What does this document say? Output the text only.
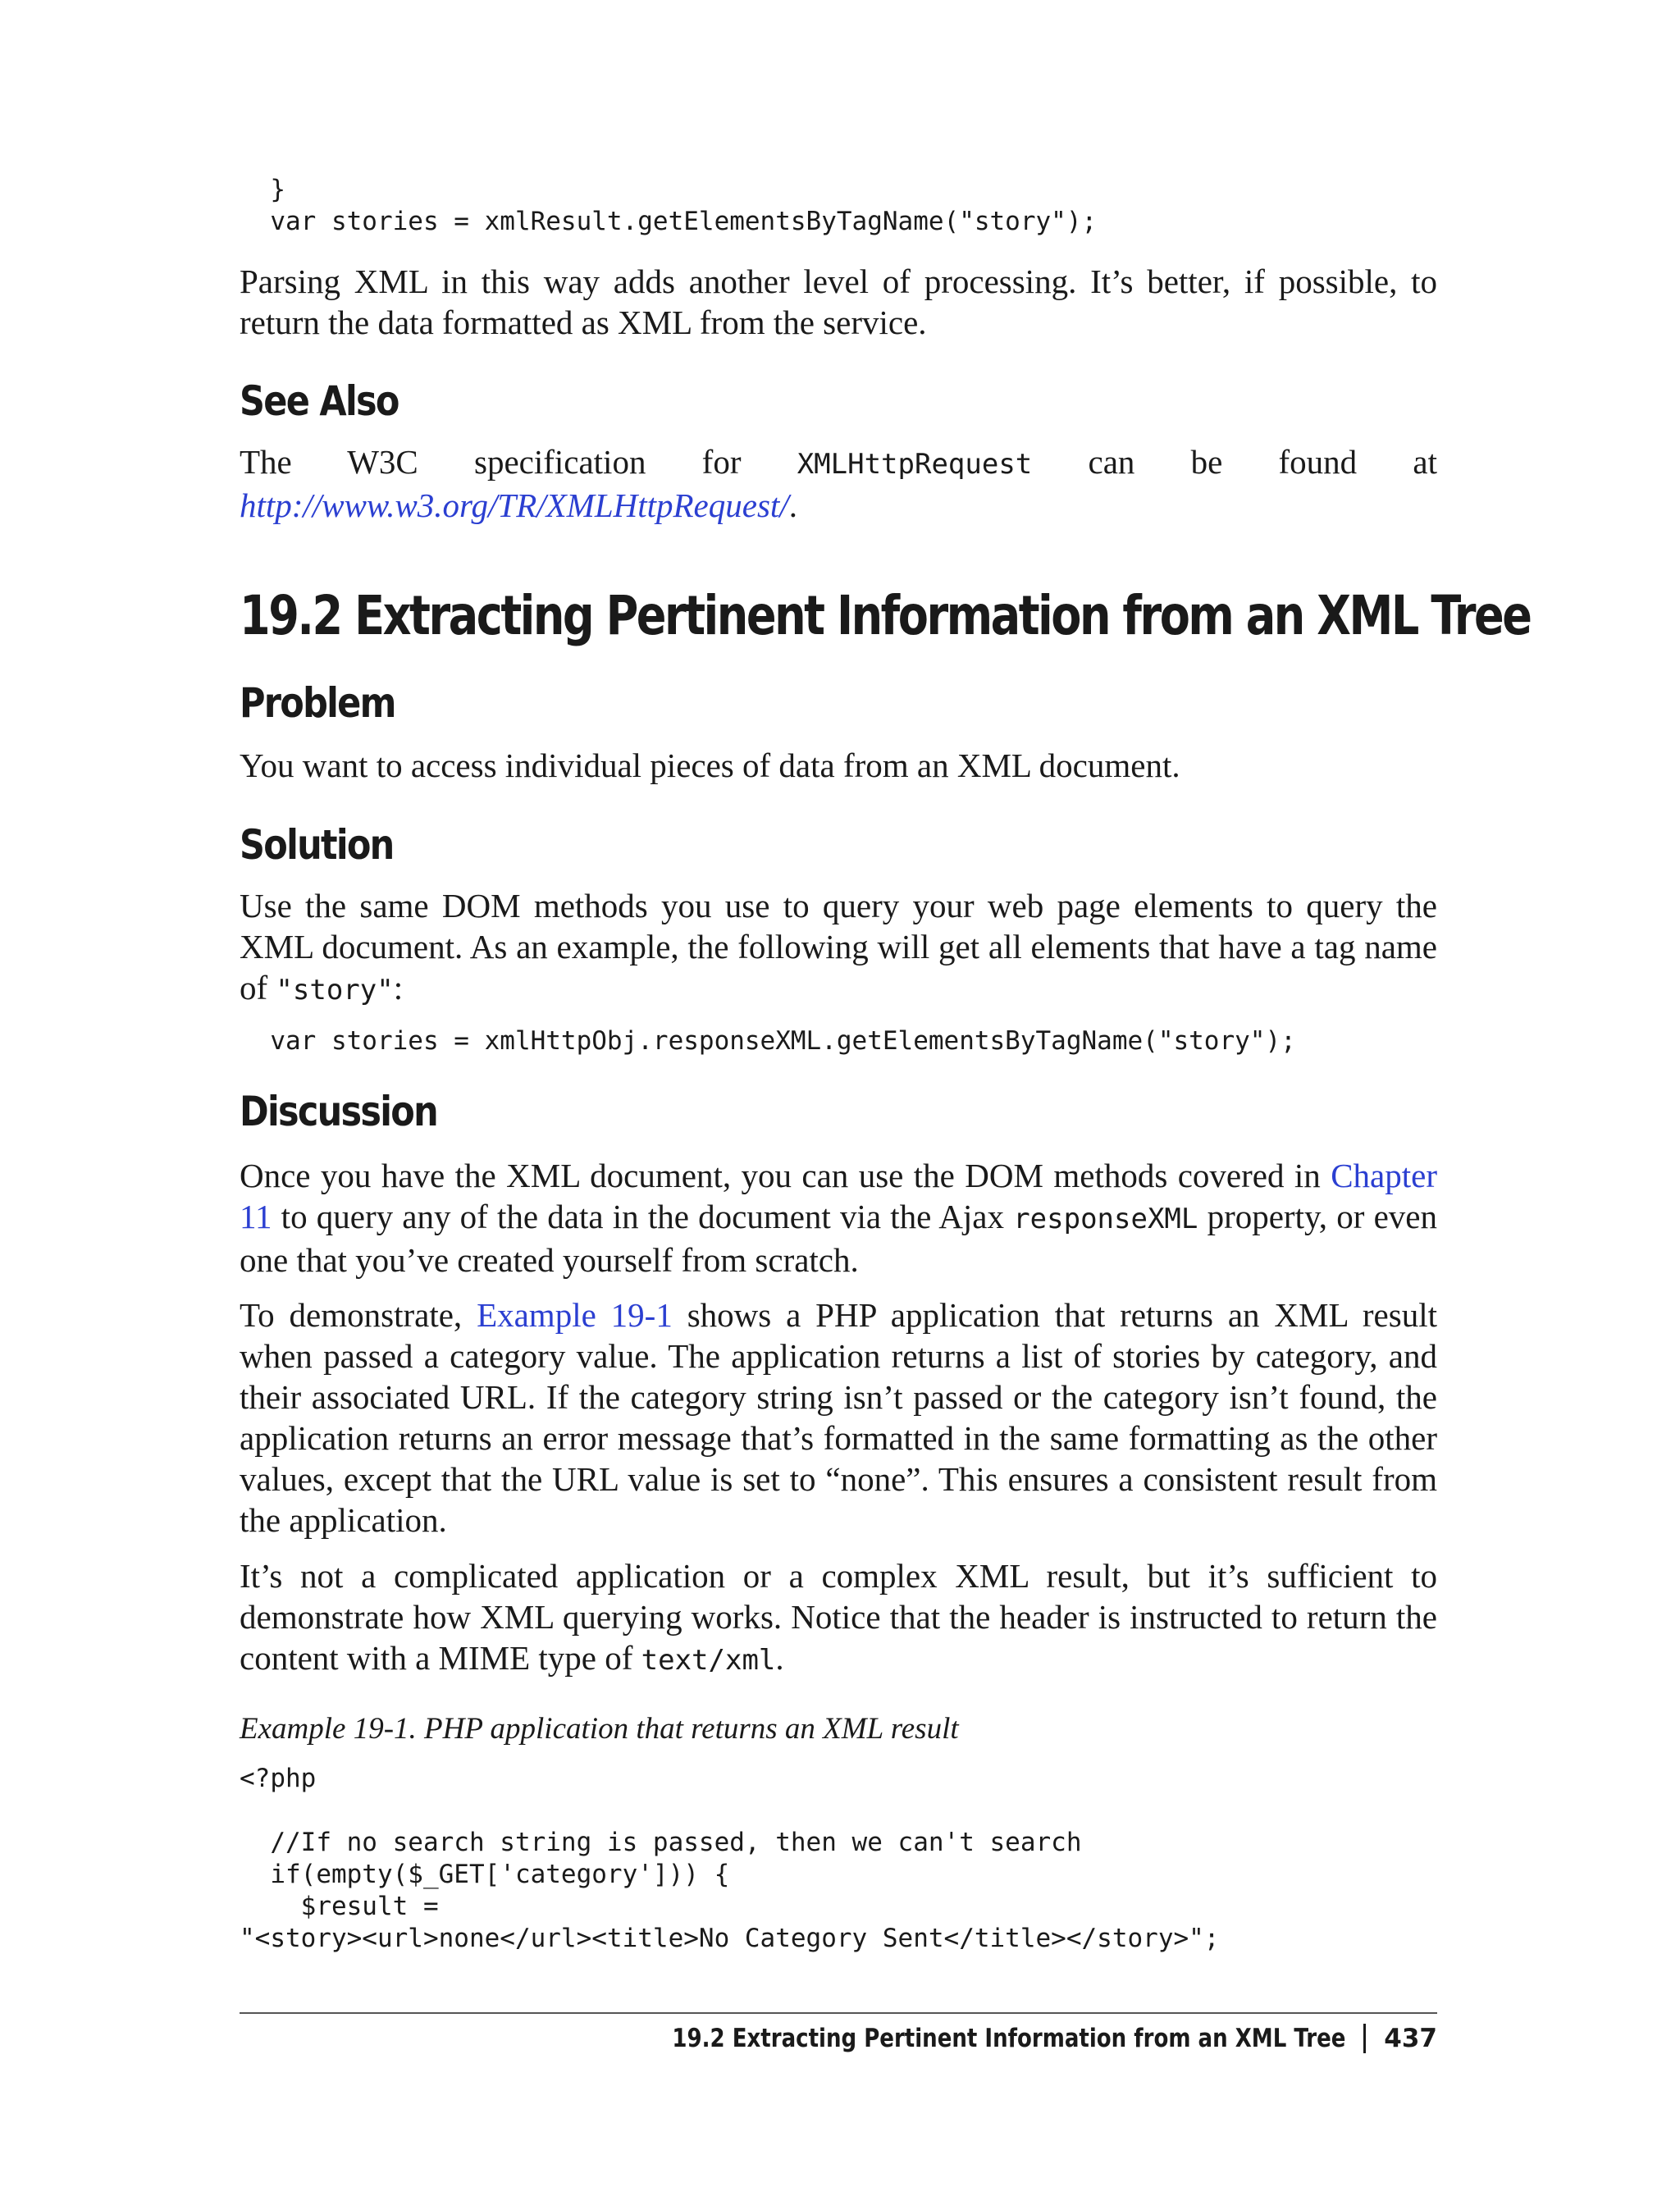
}
var stories = xmlResult.getElementsByTagName("story");

Parsing XML in this way adds another level of processing. It’s better, if possible, to return the data formatted as XML from the service.

See Also

The W3C specification for XMLHttpRequest can be found at http://www.w3.org/TR/XMLHttpRequest/.

19.2 Extracting Pertinent Information from an XML Tree
Problem

You want to access individual pieces of data from an XML document.

Solution

Use the same DOM methods you use to query your web page elements to query the XML document. As an example, the following will get all elements that have a tag name of "story":

var stories = xmlHttpObj.responseXML.getElementsByTagName("story");
Discussion

Once you have the XML document, you can use the DOM methods covered in Chapter 11 to query any of the data in the document via the Ajax responseXML property, or even one that you’ve created yourself from scratch.

To demonstrate, Example 19-1 shows a PHP application that returns an XML result when passed a category value. The application returns a list of stories by category, and their associated URL. If the category string isn’t passed or the category isn’t found, the application returns an error message that’s formatted in the same formatting as the other values, except that the URL value is set to “none”. This ensures a consistent result from the application.

It’s not a complicated application or a complex XML result, but it’s sufficient to demonstrate how XML querying works. Notice that the header is instructed to return the content with a MIME type of text/xml.

Example 19-1. PHP application that returns an XML result

<?php

//If no search string is passed, then we can't search
if(empty($_GET['category'])) {
$result =
"<story><url>none</url><title>No Category Sent</title></story>";
19.2 Extracting Pertinent Information from an XML Tree 437
